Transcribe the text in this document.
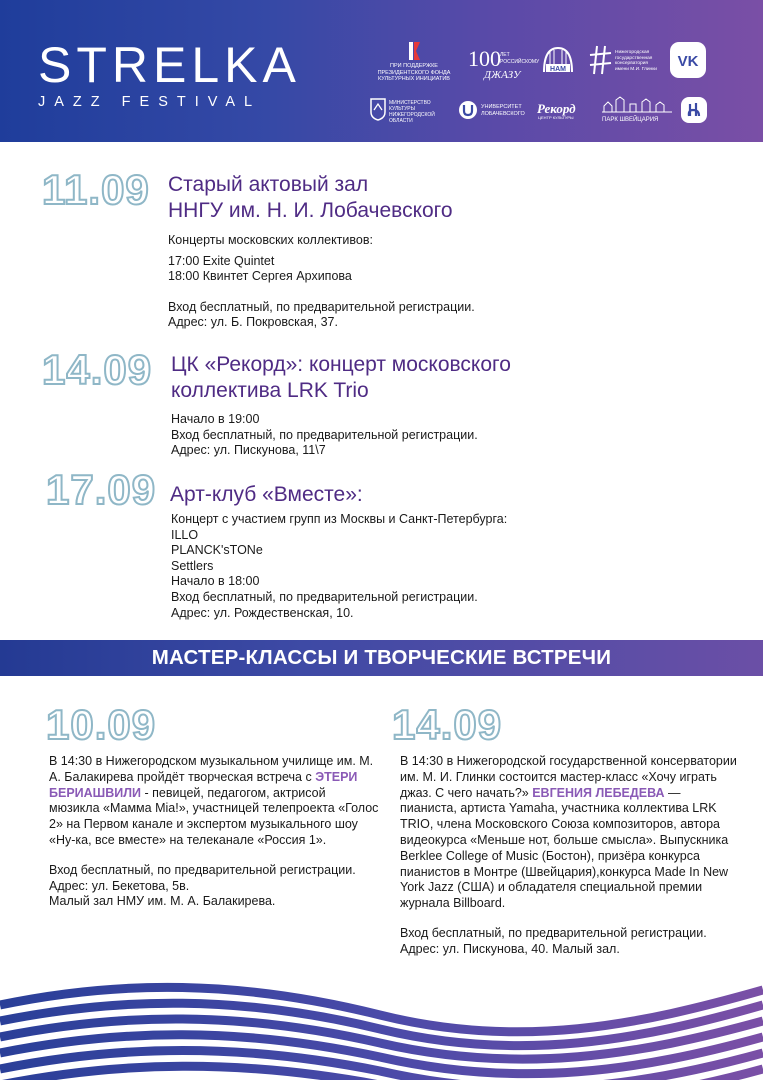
STRELKA
JAZZ FESTIVAL
ПРИ ПОДДЕРЖКЕ ПРЕЗИДЕНТСКОГО ФОНДА КУЛЬТУРНЫХ ИНИЦИАТИВ
100 ЛЕТ
РОССИЙСКОМУ
ДЖАЗУ	НАМ
Нижегородская государственная консерватория имени М.И. Глинки VK
МИНИСТЕРСТВО КУЛЬТУРЫ НИЖЕГОРОДСКОЙ ОБЛАСТИ
УНИВЕРСИТЕТ ЛОБАЧЕВСКОГО Рекорд
ЦЕНТР КУЛЬТУРЫ	ПАРК ШВЕЙЦАРИЯ
11.09 Старый актовый зал
ННГУ им. Н. И. Лобачевского

Концерты московских коллективов:

17:00 Exite Quintet

18:00 Квинтет Сергея Архипова

Вход бесплатный, по предварительной регистрации.

Адрес: ул. Б. Покровская, 37.

14.09 ЦК «Рекорд»: концерт московского
коллектива LRK Trio

Начало в 19:00

Вход бесплатный, по предварительной регистрации.

Адрес: ул. Пискунова, 11\7

17.09 Арт-клуб «Вместе»:

Концерт с участием групп из Москвы и Санкт-Петербурга:

ILLO

PLANCK'sTONe

Settlers

Начало в 18:00

Вход бесплатный, по предварительной регистрации.

Адрес: ул. Рождественская, 10.

МАСТЕР-КЛАССЫ И ТВОРЧЕСКИЕ ВСТРЕЧИ
10.09

В 14:30 в Нижегородском музыкальном училище им. М. А. Балакирева пройдёт творческая встреча с ЭТЕРИ БЕРИАШВИЛИ - певицей, педагогом, актрисой мюзикла «Мамма Mia!», участницей телепроекта «Голос 2» на Первом канале и экспертом музыкального шоу «Ну-ка, все вместе» на телеканале «Россия 1».

Вход бесплатный, по предварительной регистрации.

Адрес: ул. Бекетова, 5в.

Малый зал НМУ им. М. А. Балакирева.

14.09

В 14:30 в Нижегородской государственной консерватории им. М. И. Глинки состоится мастер-класс «Хочу играть джаз. С чего начать?» ЕВГЕНИЯ ЛЕБЕДЕВА — пианиста, артиста Yamaha, участника коллектива LRK TRIO, члена Московского Союза композиторов, автора видеокурса «Меньше нот, больше смысла». Выпускника Berklee College of Music (Бостон), призёра конкурса пианистов в Монтре (Швейцария),конкурса Made In New York Jazz (США) и обладателя специальной премии журнала Billboard.

Вход бесплатный, по предварительной регистрации.

Адрес: ул. Пискунова, 40. Малый зал.
